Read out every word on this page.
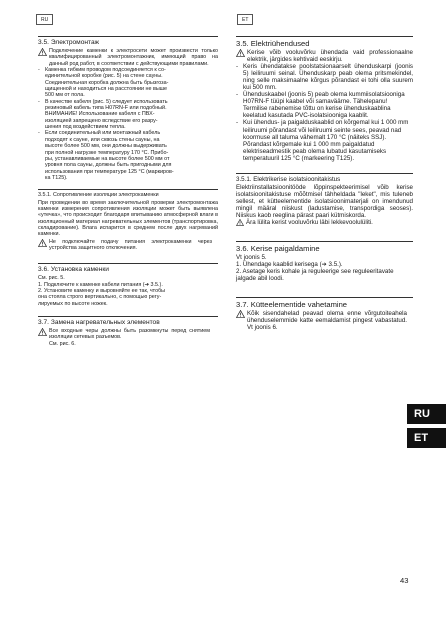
RU	ET
3.5. Электромонтаж
Подключение каменки к электросети может произвести только квалифицированный электромонтажник, имеющий право на данный род работ, в соответствии с действующими правилами.
- Каменка гибким проводом подсоединяется к со-
единительной коробке (рис. 5) на стене сауны.
Соединительная коробка должна быть брызгоза-
щищенной и находиться на расстоянии не выше
500 мм от пола.
- В качестве кабеля (рис. 5) следует использовать
резиновый кабель типа H07RN-F или подобный.
ВНИМАНИЕ! Использование кабеля с ПВХ-
изоляцией запрещено вследствие его разру-
шения под воздействием тепла.
- Если соединительный или монтажный кабель
подходят к сауне, или сквозь стены сауны, на
высоте более 500 мм, они должны выдерживать
при полной нагрузке температуру 170 °С. Прибо-
ры, устанавливаемые на высоте более 500 мм от
уровня пола сауны, должны быть пригодными для
использования при температуре 125 °С (маркиров-
ка T125).
3.5.1. Сопротивление изоляции электрокаменки
При проведении во время заключительной проверки электромонтажа каменки измерения сопротивления изоляции может быть выявлена «утечка», что происходит благодаря впитыванию атмосферной влаги в изоляционный материал нагревательных элементов (транспортировка, складирование). Влага испарится в среднем после двух нагреваний каменки.
Не подключайте подачу питания электрокаменки через устройства защитного отключения.
3.6. Установка каменки
См. рис. 5.
1. Подключите к каменке кабели питания (➔ 3.5.).
2. Установите каменку и выровняйте ее так, чтобы
она стояла строго вертикально, с помощью регу-
лируемых по высоте ножек.
3.7. Замена нагревательных элементов
Все входные черы должны быть разомкнуты перед снятием изоляции сетевых разъемов.
См. рис. 6.
3.5. Elektriühendused
Kerise võib vooluvõrku ühendada vaid professionaalne elektrik, järgides kehtivaid eeskirju.
- Keris ühendatakse poolstatsionaarselt ühenduskarpi (joonis 5) leiliruumi seinal. Ühenduskarp peab olema pritsmekindel, ning selle maksimaalne kõrgus põrandast ei tohi olla suurem kui 500 mm.
- Ühenduskaabel (joonis 5) peab olema kummiisolatsiooniga H07RN-F tüüpi kaabel või samaväärne. Tähelepanu! Termilise rabenemise tõttu on kerise ühenduskaablina keelatud kasutada PVC-isolatsiooniga kaablit.
- Kui ühendus- ja paigalduskaablid on kõrgemal kui 1 000 mm leiliruumi põrandast või leiliruumi seinte sees, peavad nad koormuse all taluma vähemalt 170 °C (näiteks SSJ). Põrandast kõrgemale kui 1 000 mm paigaldatud elektriseadmestik peab olema lubatud kasutamiseks temperatuuril 125 °C (markeering T125).
3.5.1. Elektrikerise isolatsioonitakistus
Elektriinstallatsioonitööde lõppinspekteerimisel võib kerise isolatsioonitakistuse mõõtmisel tähheldada "leket", mis tuleneb sellest, et kütteelementide isolatsioonimaterjali on imendunud mingil määral niiskust (ladustamise, transpordiga seoses). Niiskus kaob reeglina pärast paari kütmiskorda.
Ära lülita kerist vooluvõrku läbi lekkevoolulüliti.
3.6. Kerise paigaldamine
Vt joonis 5.
1. Ühendage kaablid kerisega (➔ 3.5.).
2. Asetage keris kohale ja reguleerige see reguleeritavate jalgade abil loodi.
3.7. Kütteelementide vahetamine
Kõik sisendahelad peavad olema enne võrgutoiteahela ühenduselemmide katte eemaldamist pingest vabastatud. Vt joonis 6.
RU
ET
43
